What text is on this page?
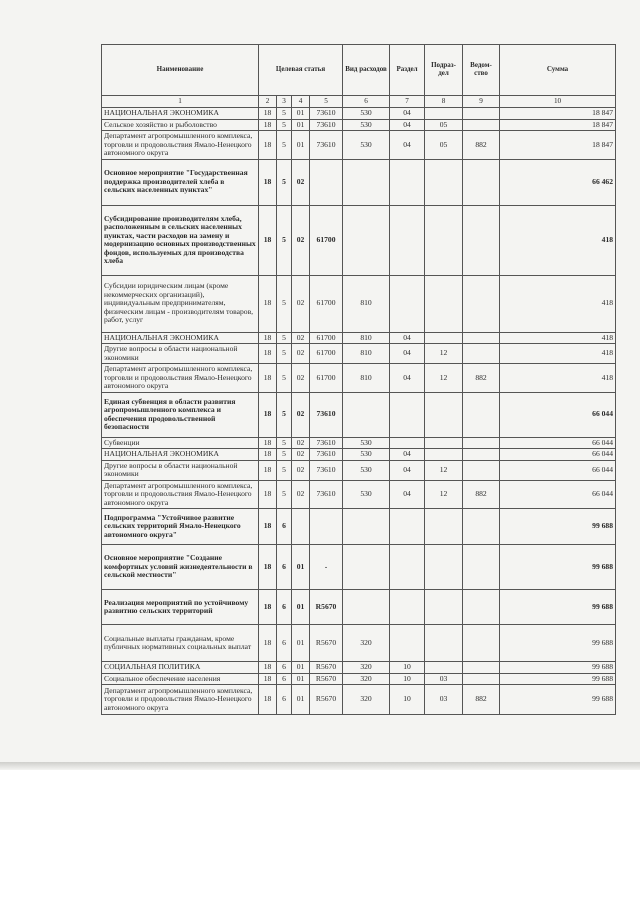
Наименование	Целевая статья				Вид расходов	Раздел	Подраз-дел	Ведом-ство	Сумма
1	2	3	4	5	6	7	8	9	10
НАЦИОНАЛЬНАЯ ЭКОНОМИКА	18	5	01	73610	530	04			18 847
Сельское хозяйство и рыболовство	18	5	01	73610	530	04	05		18 847
Департамент агропромышленного комплекса, торговли и продовольствия Ямало-Ненецкого автономного округа	18	5	01	73610	530	04	05	882	18 847
Основное мероприятие "Государственная поддержка производителей хлеба в сельских населенных пунктах"	18	5	02						66 462
Субсидирование производителям хлеба, расположенным в сельских населенных пунктах, части расходов на замену и модернизацию основных производственных фондов, используемых для производства хлеба	18	5	02	61700					418
Субсидии юридическим лицам (кроме некоммерческих организаций), индивидуальным предпринимателям, физическим лицам - производителям товаров, работ, услуг	18	5	02	61700	810				418
НАЦИОНАЛЬНАЯ ЭКОНОМИКА	18	5	02	61700	810	04			418
Другие вопросы в области национальной экономики	18	5	02	61700	810	04	12		418
Департамент агропромышленного комплекса, торговли и продовольствия Ямало-Ненецкого автономного округа	18	5	02	61700	810	04	12	882	418
Единая субвенция в области развития агропромышленного комплекса и обеспечения продовольственной безопасности	18	5	02	73610					66 044
Субвенции	18	5	02	73610	530				66 044
НАЦИОНАЛЬНАЯ ЭКОНОМИКА	18	5	02	73610	530	04			66 044
Другие вопросы в области национальной экономики	18	5	02	73610	530	04	12		66 044
Департамент агропромышленного комплекса, торговли и продовольствия Ямало-Ненецкого автономного округа	18	5	02	73610	530	04	12	882	66 044
Подпрограмма "Устойчивое развитие сельских территорий Ямало-Ненецкого автономного округа"	18	6							99 688
Основное мероприятие "Создание комфортных условий жизнедеятельности в сельской местности"	18	6	01	-					99 688
Реализация мероприятий по устойчивому развитию сельских территорий	18	6	01	R5670					99 688
Социальные выплаты гражданам, кроме публичных нормативных социальных выплат	18	6	01	R5670	320				99 688
СОЦИАЛЬНАЯ ПОЛИТИКА	18	6	01	R5670	320	10			99 688
Социальное обеспечение населения	18	6	01	R5670	320	10	03		99 688
Департамент агропромышленного комплекса, торговли и продовольствия Ямало-Ненецкого автономного округа	18	6	01	R5670	320	10	03	882	99 688
